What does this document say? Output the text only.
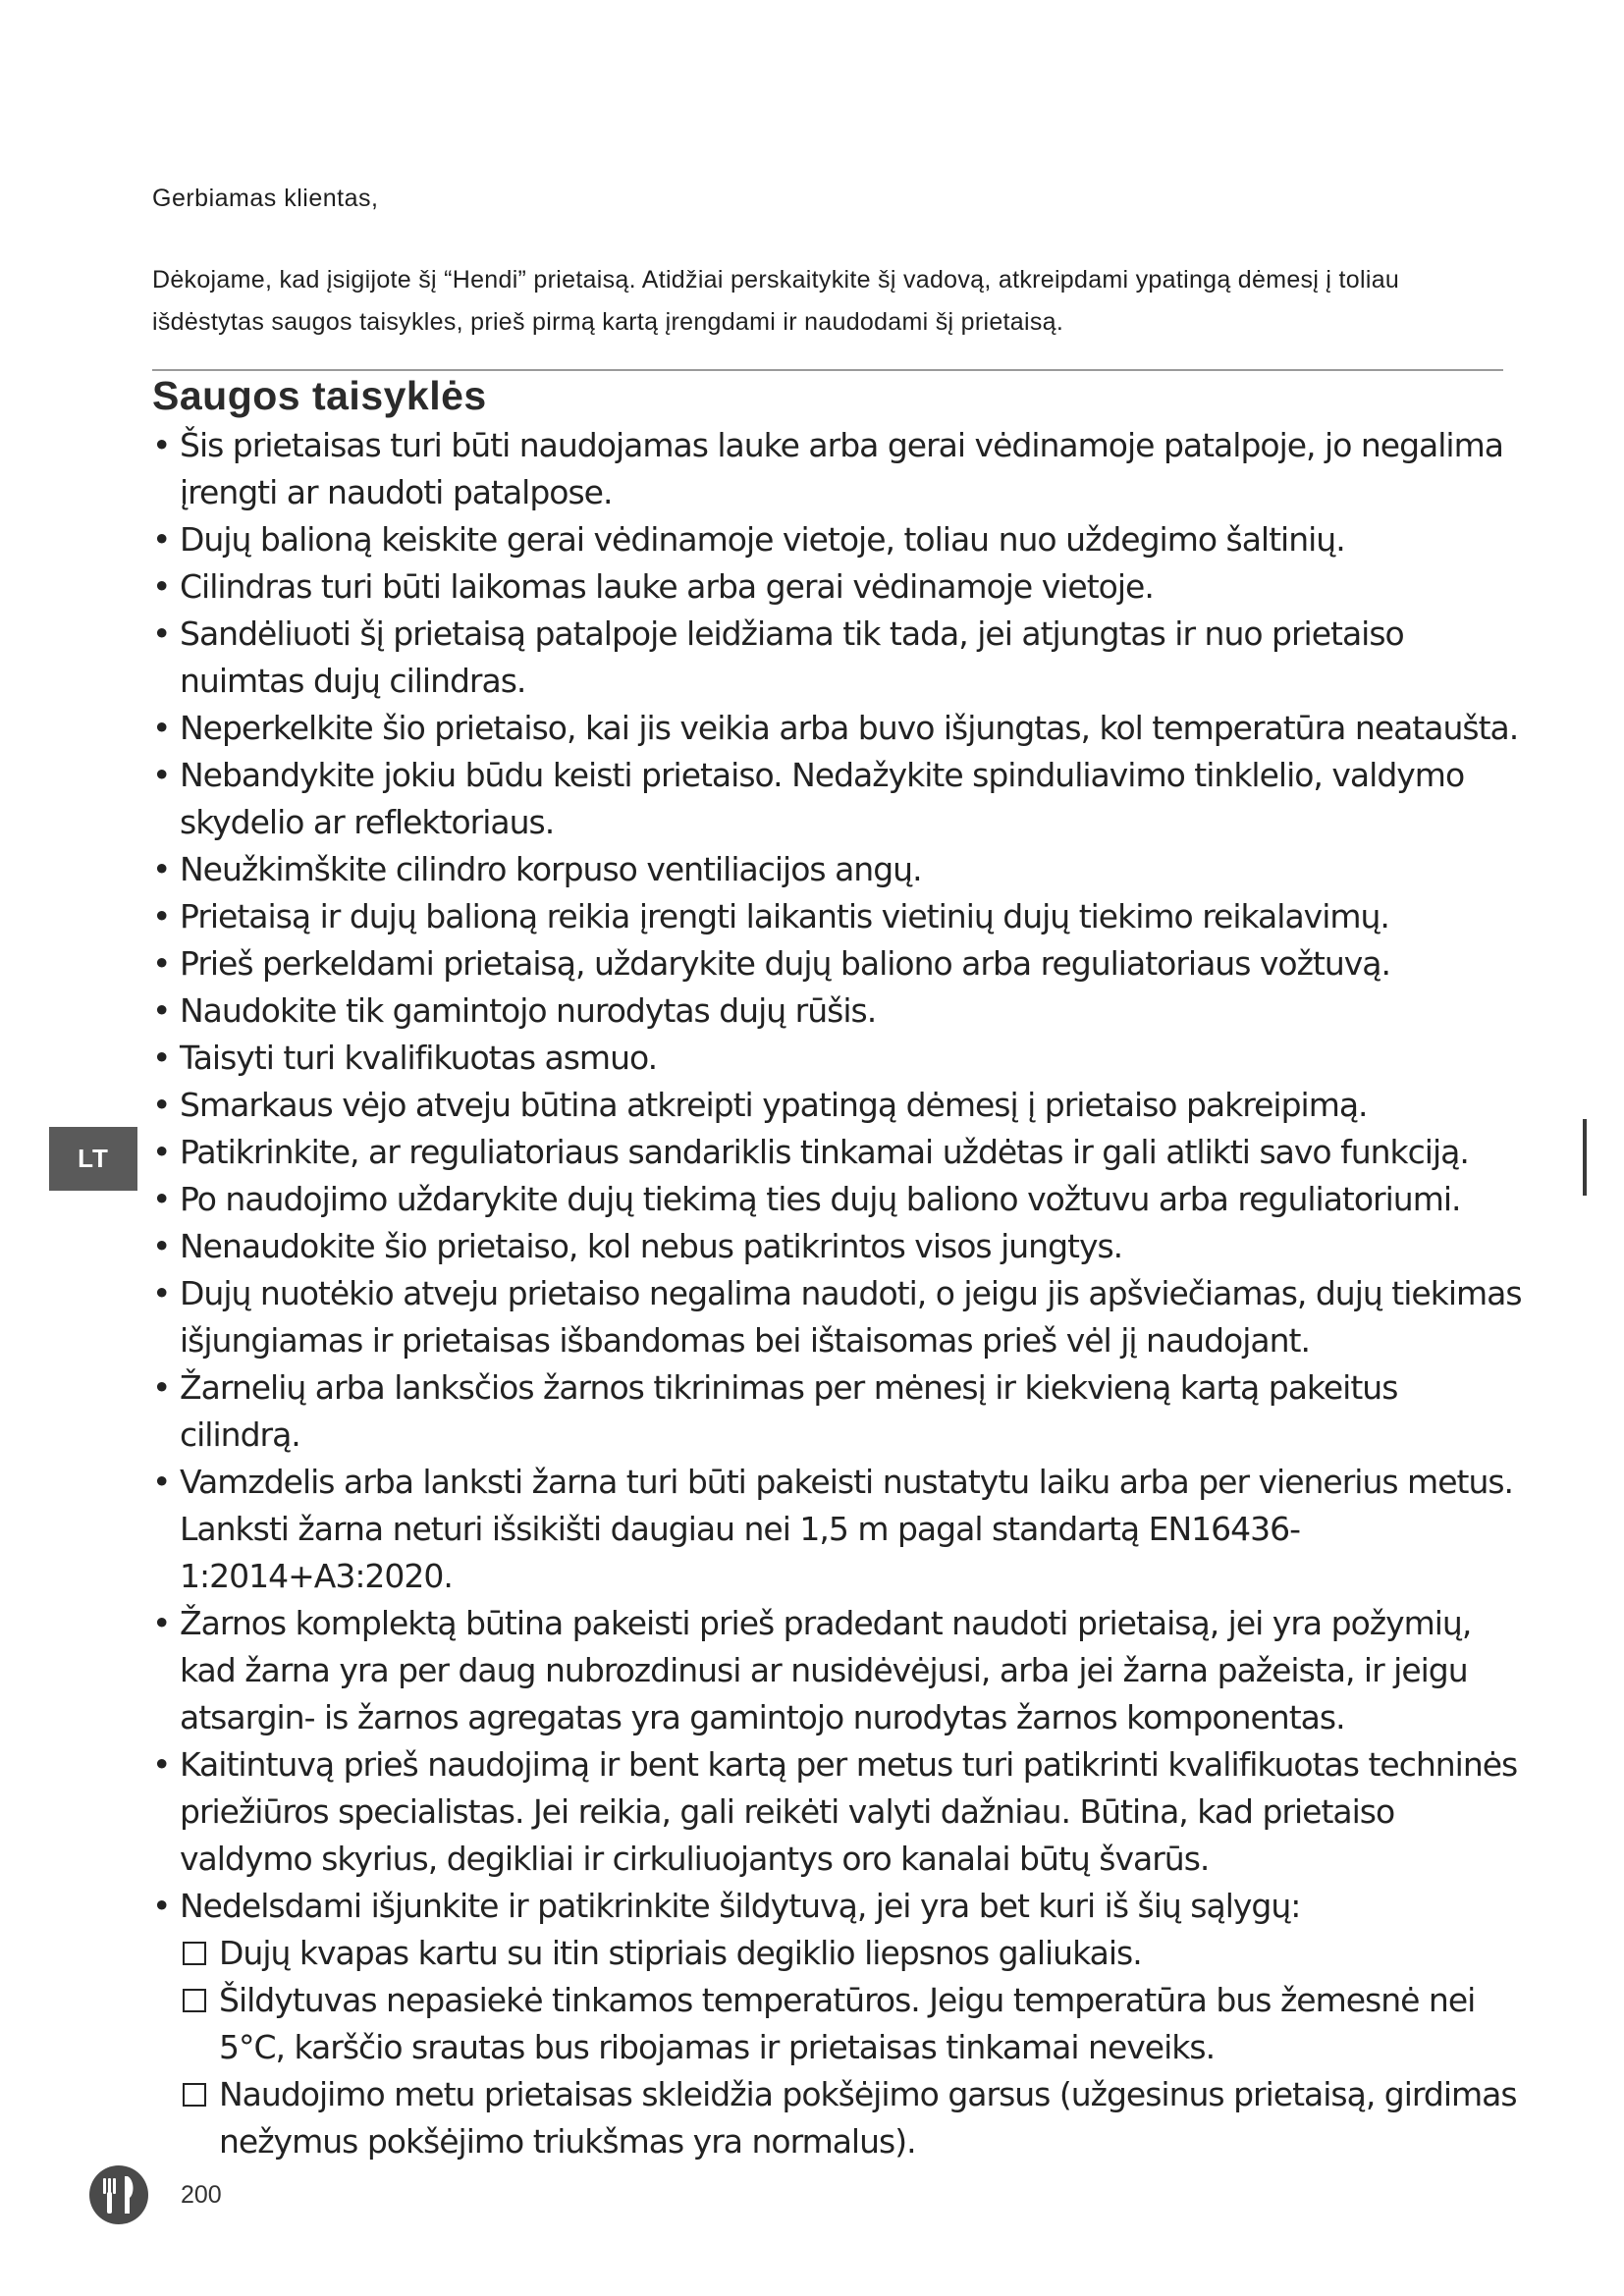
Gerbiamas klientas,
Dėkojame, kad įsigijote šį “Hendi” prietaisą. Atidžiai perskaitykite šį vadovą, atkreipdami ypatingą dėmesį į toliau išdėstytas saugos taisykles, prieš pirmą kartą įrengdami ir naudodami šį prietaisą.
Saugos taisyklės
• Šis prietaisas turi būti naudojamas lauke arba gerai vėdinamoje patalpoje, jo negalima įrengti ar naudoti patalpose.
• Dujų balioną keiskite gerai vėdinamoje vietoje, toliau nuo uždegimo šaltinių.
• Cilindras turi būti laikomas lauke arba gerai vėdinamoje vietoje.
• Sandėliuoti šį prietaisą patalpoje leidžiama tik tada, jei atjungtas ir nuo prietaiso nuimtas dujų cilindras.
• Neperkelkite šio prietaiso, kai jis veikia arba buvo išjungtas, kol temperatūra neataušta.
• Nebandykite jokiu būdu keisti prietaiso. Nedažykite spinduliavimo tinklelio, valdymo skydelio ar reflektoriaus.
• Neužkimškite cilindro korpuso ventiliacijos angų.
• Prietaisą ir dujų balioną reikia įrengti laikantis vietinių dujų tiekimo reikalavimų.
• Prieš perkeldami prietaisą, uždarykite dujų baliono arba reguliatoriaus vožtuvą.
• Naudokite tik gamintojo nurodytas dujų rūšis.
• Taisyti turi kvalifikuotas asmuo.
• Smarkaus vėjo atveju būtina atkreipti ypatingą dėmesį į prietaiso pakreipimą.
• Patikrinkite, ar reguliatoriaus sandariklis tinkamai uždėtas ir gali atlikti savo funkciją.
• Po naudojimo uždarykite dujų tiekimą ties dujų baliono vožtuvu arba reguliatoriumi.
• Nenaudokite šio prietaiso, kol nebus patikrintos visos jungtys.
• Dujų nuotėkio atveju prietaiso negalima naudoti, o jeigu jis apšviečiamas, dujų tiekimas išjungiamas ir prietaisas išbandomas bei ištaisomas prieš vėl jį naudojant.
• Žarnelių arba lanksčios žarnos tikrinimas per mėnesį ir kiekvieną kartą pakeitus cilindrą.
• Vamzdelis arba lanksti žarna turi būti pakeisti nustatytu laiku arba per vienerius metus. Lanksti žarna neturi išsikišti daugiau nei 1,5 m pagal standartą EN16436-1:2014+A3:2020.
• Žarnos komplektą būtina pakeisti prieš pradedant naudoti prietaisą, jei yra požymių, kad žarna yra per daug nubrozdinusi ar nusidėvėjusi, arba jei žarna pažeista, ir jeigu atsargin- is žarnos agregatas yra gamintojo nurodytas žarnos komponentas.
• Kaitintuvą prieš naudojimą ir bent kartą per metus turi patikrinti kvalifikuotas techninės priežiūros specialistas. Jei reikia, gali reikėti valyti dažniau. Būtina, kad prietaiso valdymo skyrius, degikliai ir cirkuliuojantys oro kanalai būtų švarūs.
• Nedelsdami išjunkite ir patikrinkite šildytuvą, jei yra bet kuri iš šių sąlygų:
Dujų kvapas kartu su itin stipriais degiklio liepsnos galiukais.
Šildytuvas nepasiekė tinkamos temperatūros. Jeigu temperatūra bus žemesnė nei 5°C, karščio srautas bus ribojamas ir prietaisas tinkamai neveiks.
Naudojimo metu prietaisas skleidžia pokšėjimo garsus (užgesinus prietaisą, girdimas nežymus pokšėjimo triukšmas yra normalus).
LT
200
